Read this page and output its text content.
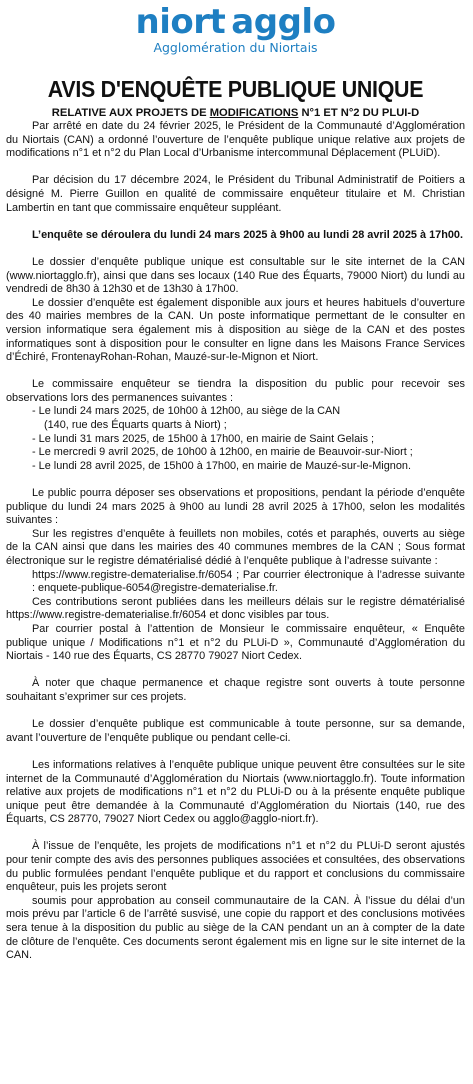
niort agglo
Agglomération du Niortais
AVIS D'ENQUÊTE PUBLIQUE UNIQUE
RELATIVE AUX PROJETS DE MODIFICATIONS N°1 ET N°2 DU PLUI-D

Par arrêté en date du 24 février 2025, le Président de la Communauté d’Agglomération du Niortais (CAN) a ordonné l’ouverture de l’enquête publique unique relative aux projets de modifications n°1 et n°2 du Plan Local d’Urbanisme intercommunal Déplacement (PLUiD).

Par décision du 17 décembre 2024, le Président du Tribunal Administratif de Poitiers a désigné M. Pierre Guillon en qualité de commissaire enquêteur titulaire et M. Christian Lambertin en tant que commissaire enquêteur suppléant.

L’enquête se déroulera du lundi 24 mars 2025 à 9h00 au lundi 28 avril 2025 à 17h00.

Le dossier d’enquête publique unique est consultable sur le site internet de la CAN (www.niortagglo.fr), ainsi que dans ses locaux (140 Rue des Équarts, 79000 Niort) du lundi au vendredi de 8h30 à 12h30 et de 13h30 à 17h00.

Le dossier d’enquête est également disponible aux jours et heures habituels d’ouverture des 40 mairies membres de la CAN. Un poste informatique permettant de le consulter en version informatique sera également mis à disposition au siège de la CAN et des postes informatiques sont à disposition pour le consulter en ligne dans les Maisons France Services d’Échiré, FrontenayRohan-Rohan, Mauzé-sur-le-Mignon et Niort.

Le commissaire enquêteur se tiendra la disposition du public pour recevoir ses observations lors des permanences suivantes :

- Le lundi 24 mars 2025, de 10h00 à 12h00, au siège de la CAN

(140, rue des Équarts quarts à Niort) ;

- Le lundi 31 mars 2025, de 15h00 à 17h00, en mairie de Saint Gelais ;

- Le mercredi 9 avril 2025, de 10h00 à 12h00, en mairie de Beauvoir-sur-Niort ;

- Le lundi 28 avril 2025, de 15h00 à 17h00, en mairie de Mauzé-sur-le-Mignon.

Le public pourra déposer ses observations et propositions, pendant la période d’enquête publique du lundi 24 mars 2025 à 9h00 au lundi 28 avril 2025 à 17h00, selon les modalités suivantes :

Sur les registres d’enquête à feuillets non mobiles, cotés et paraphés, ouverts au siège de la CAN ainsi que dans les mairies des 40 communes membres de la CAN ; Sous format électronique sur le registre dématérialisé dédié à l’enquête publique à l’adresse suivante :

https://www.registre-dematerialise.fr/6054 ; Par courrier électronique à l’adresse suivante : enquete-publique-6054@registre-dematerialise.fr.

Ces contributions seront publiées dans les meilleurs délais sur le registre dématérialisé https://www.registre-dematerialise.fr/6054 et donc visibles par tous.

Par courrier postal à l’attention de Monsieur le commissaire enquêteur, « Enquête publique unique / Modifications n°1 et n°2 du PLUi-D », Communauté d’Agglomération du Niortais - 140 rue des Équarts, CS 28770 79027 Niort Cedex.

À noter que chaque permanence et chaque registre sont ouverts à toute personne souhaitant s’exprimer sur ces projets.

Le dossier d’enquête publique est communicable à toute personne, sur sa demande, avant l’ouverture de l’enquête publique ou pendant celle-ci.

Les informations relatives à l’enquête publique unique peuvent être consultées sur le site internet de la Communauté d’Agglomération du Niortais (www.niortagglo.fr). Toute information relative aux projets de modifications n°1 et n°2 du PLUi-D ou à la présente enquête publique unique peut être demandée à la Communauté d’Agglomération du Niortais (140, rue des Équarts, CS 28770, 79027 Niort Cedex ou agglo@agglo-niort.fr).

À l’issue de l’enquête, les projets de modifications n°1 et n°2 du PLUi-D seront ajustés pour tenir compte des avis des personnes publiques associées et consultées, des observations du public formulées pendant l’enquête publique et du rapport et conclusions du commissaire enquêteur, puis les projets seront

soumis pour approbation au conseil communautaire de la CAN. À l’issue du délai d’un mois prévu par l’article 6 de l’arrêté susvisé, une copie du rapport et des conclusions motivées sera tenue à la disposition du public au siège de la CAN pendant un an à compter de la date de clôture de l’enquête. Ces documents seront également mis en ligne sur le site internet de la CAN.
